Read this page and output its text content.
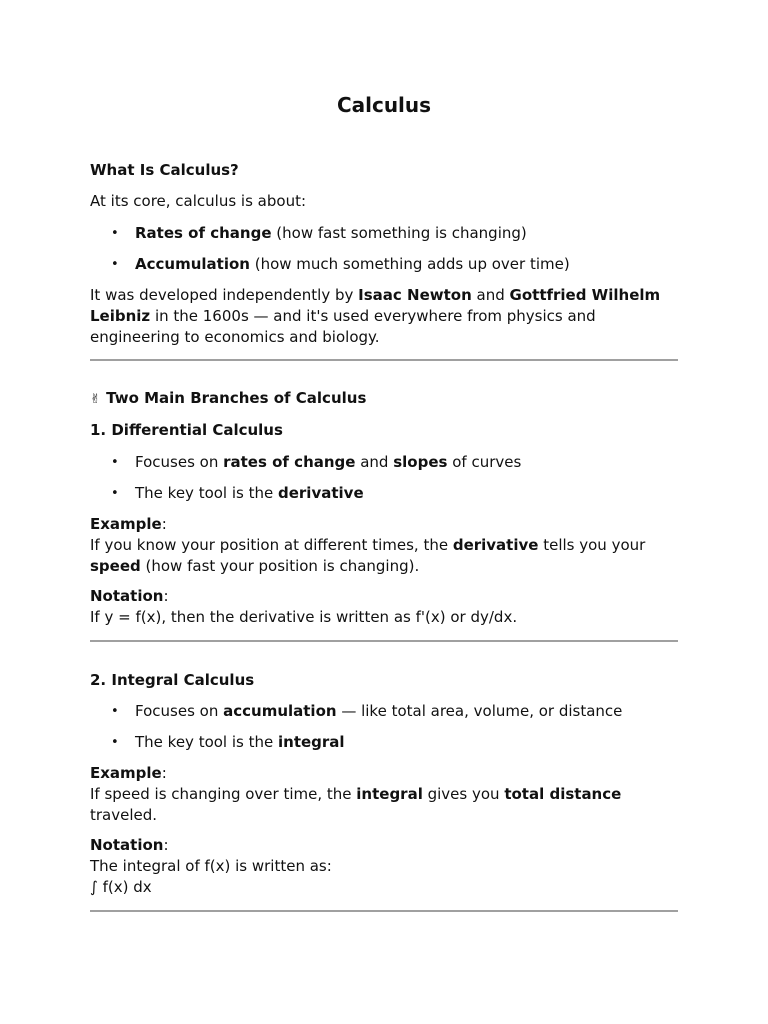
Calculus

What Is Calculus?

At its core, calculus is about:

• Rates of change (how fast something is changing)

• Accumulation (how much something adds up over time)

It was developed independently by Isaac Newton and Gottfried Wilhelm Leibniz in the 1600s — and it's used everywhere from physics and engineering to economics and biology.

✌ Two Main Branches of Calculus

1. Differential Calculus

• Focuses on rates of change and slopes of curves

• The key tool is the derivative

Example:
If you know your position at different times, the derivative tells you your speed (how fast your position is changing).

Notation:
If y = f(x), then the derivative is written as f'(x) or dy/dx.

2. Integral Calculus

• Focuses on accumulation — like total area, volume, or distance

• The key tool is the integral

Example:
If speed is changing over time, the integral gives you total distance traveled.

Notation:
The integral of f(x) is written as:
∫ f(x) dx
